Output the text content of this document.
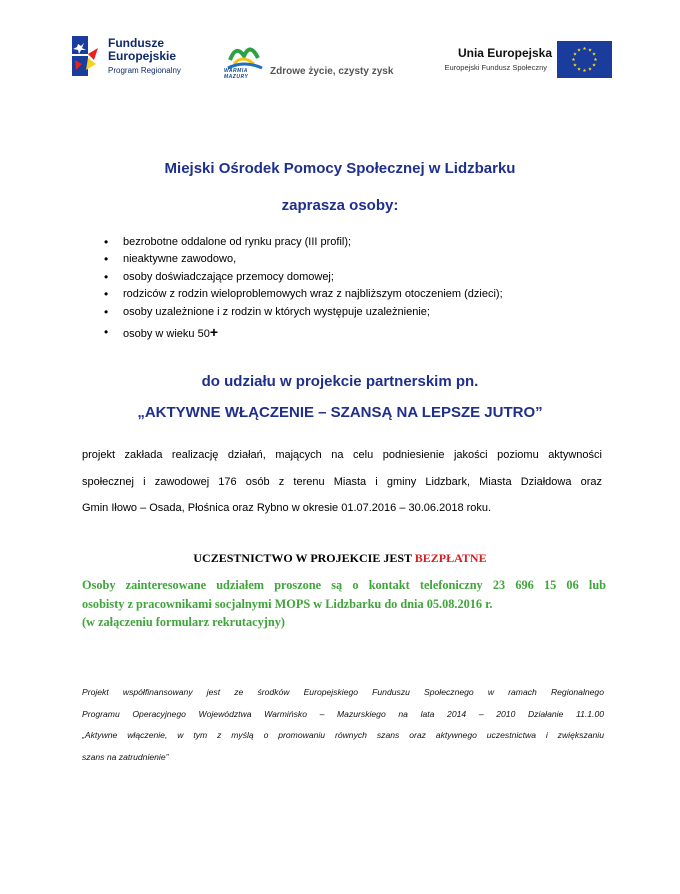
Fundusze
Europejskie
Program Regionalny	WARMIA MAZURY	Zdrowe życie, czysty zysk
Unia Europejska
Europejski Fundusz Społeczny
Miejski Ośrodek Pomocy Społecznej w Lidzbarku
zaprasza osoby:
• bezrobotne oddalone od rynku pracy (III profil);
• nieaktywne zawodowo,
• osoby doświadczające przemocy domowej;
• rodziców z rodzin wieloproblemowych wraz z najbliższym otoczeniem (dzieci);
• osoby uzależnione i z rodzin w których występuje uzależnienie;
• osoby w wieku 50+
do udziału w projekcie partnerskim pn.
„AKTYWNE WŁĄCZENIE – SZANSĄ NA LEPSZE JUTRO”
projekt zakłada realizację działań, mających na celu podniesienie jakości poziomu aktywności
społecznej i zawodowej 176 osób z terenu Miasta i gminy Lidzbark, Miasta Działdowa oraz
Gmin Iłowo – Osada, Płośnica oraz Rybno w okresie 01.07.2016 – 30.06.2018 roku.
UCZESTNICTWO W PROJEKCIE JEST BEZPŁATNE
Osoby zainteresowane udziałem proszone są o kontakt telefoniczny 23 696 15 06 lub
osobisty z pracownikami socjalnymi MOPS w Lidzbarku do dnia 05.08.2016 r.
(w załączeniu formularz rekrutacyjny)
Projekt współfinansowany jest ze środków Europejskiego Funduszu Społecznego w ramach Regionalnego
Programu Operacyjnego Województwa Warmińsko – Mazurskiego na lata 2014 – 2010 Działanie 11.1.00
„Aktywne włączenie, w tym z myślą o promowaniu równych szans oraz aktywnego uczestnictwa i zwiększaniu
szans na zatrudnienie”
